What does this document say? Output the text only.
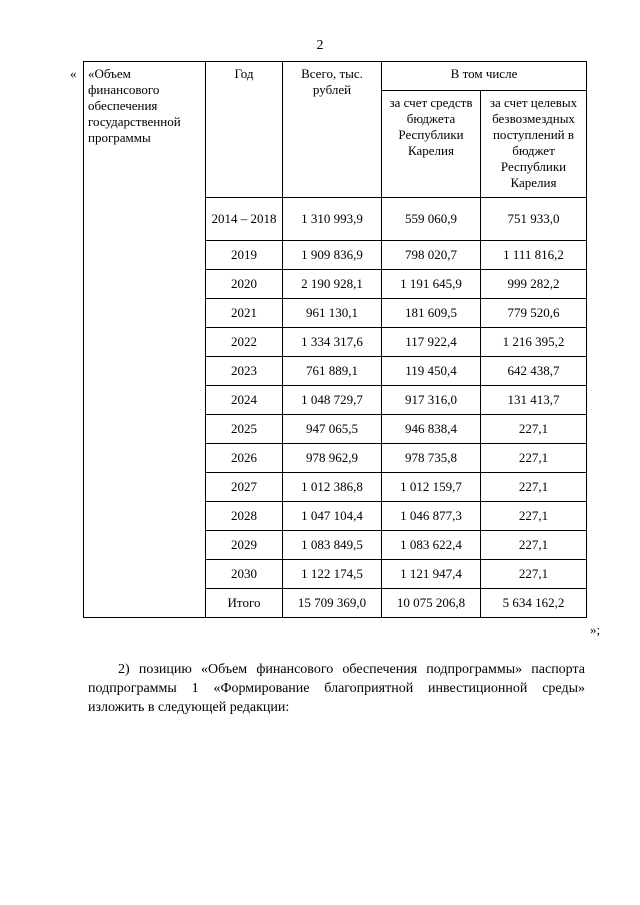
2
« «Объем финансового обеспечения государственной программы	Год	Всего, тыс. рублей	В том числе	
			за счет средств бюджета Республики Карелия	за счет целевых безвозмездных поступлений в бюджет Республики Карелия
	2014 – 2018	1 310 993,9	559 060,9	751 933,0
	2019	1 909 836,9	798 020,7	1 111 816,2
	2020	2 190 928,1	1 191 645,9	999 282,2
	2021	961 130,1	181 609,5	779 520,6
	2022	1 334 317,6	117 922,4	1 216 395,2
	2023	761 889,1	119 450,4	642 438,7
	2024	1 048 729,7	917 316,0	131 413,7
	2025	947 065,5	946 838,4	227,1
	2026	978 962,9	978 735,8	227,1
	2027	1 012 386,8	1 012 159,7	227,1
	2028	1 047 104,4	1 046 877,3	227,1
	2029	1 083 849,5	1 083 622,4	227,1
	2030	1 122 174,5	1 121 947,4	227,1
	Итого	15 709 369,0	10 075 206,8	5 634 162,2
»;
2) позицию «Объем финансового обеспечения подпрограммы» паспорта подпрограммы 1 «Формирование благоприятной инвестиционной среды» изложить в следующей редакции:
